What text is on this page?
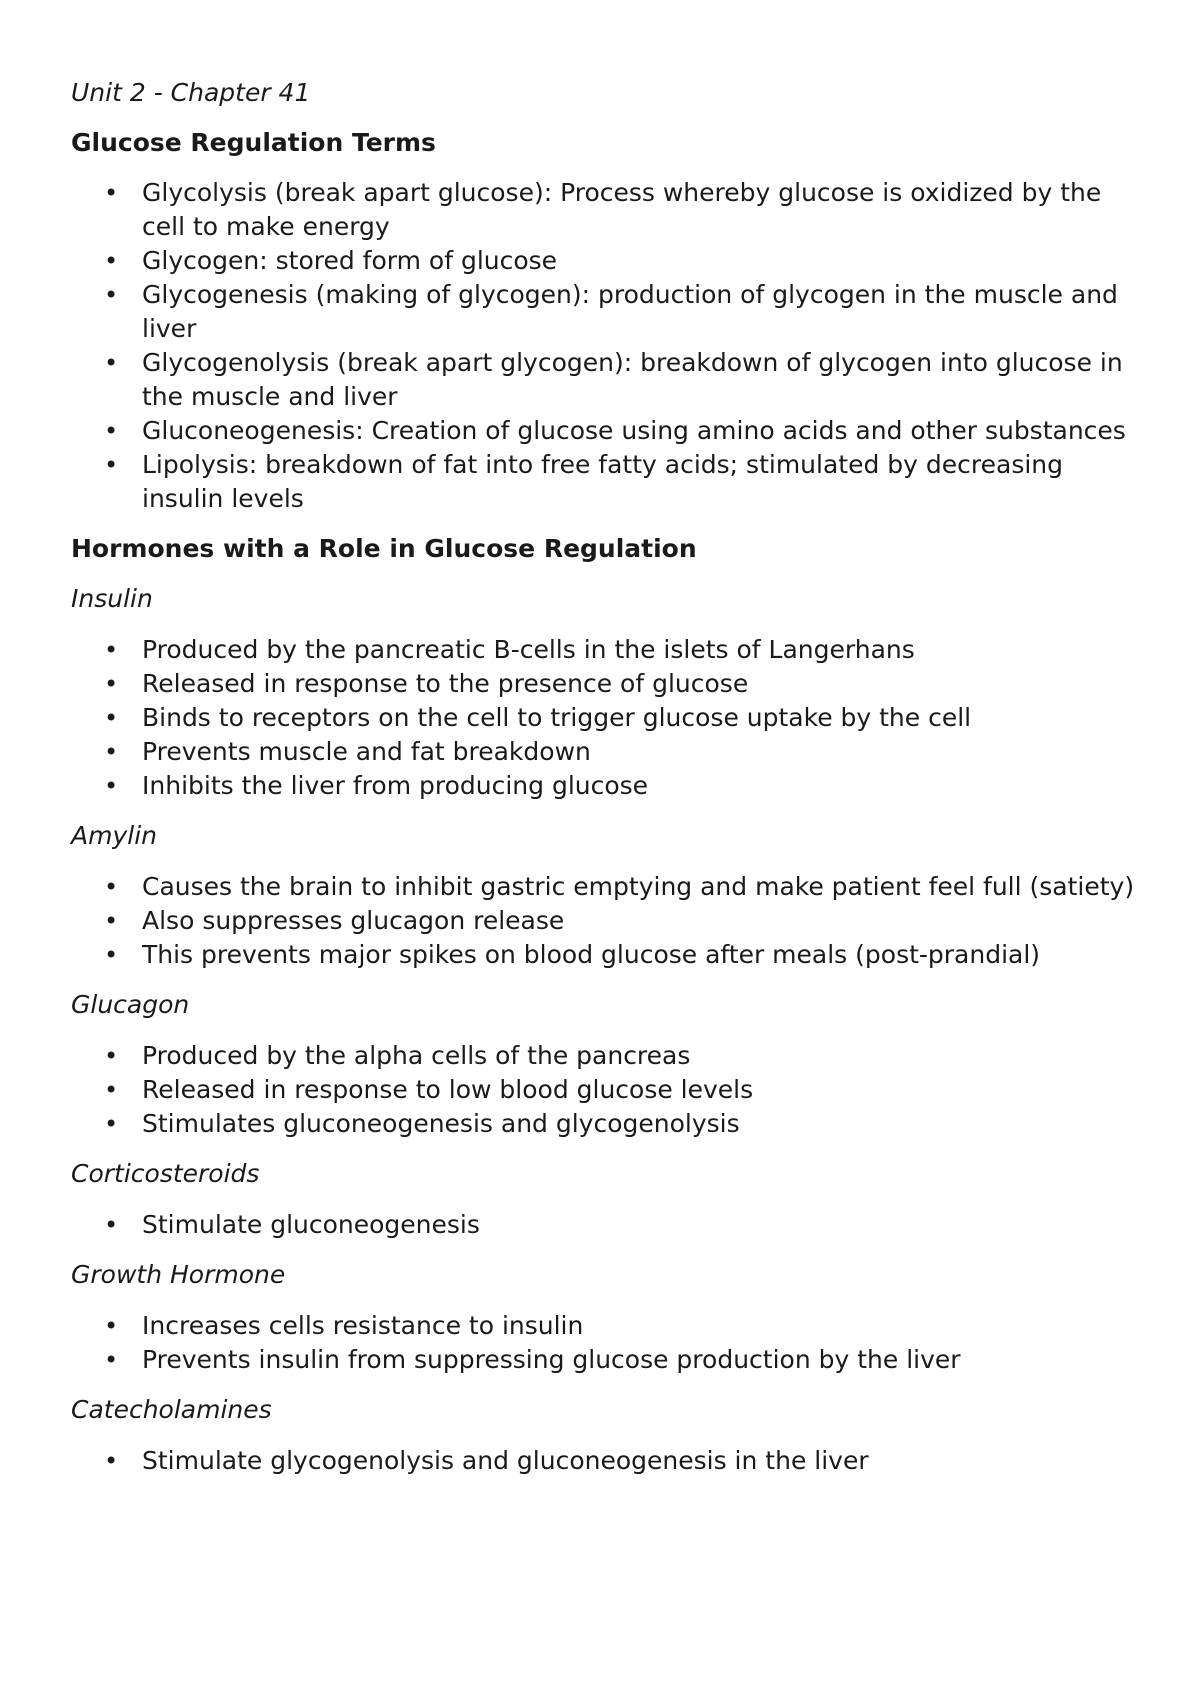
Unit 2 - Chapter 41
Glucose Regulation Terms
• Glycolysis (break apart glucose): Process whereby glucose is oxidized by the cell to make energy
• Glycogen: stored form of glucose
• Glycogenesis (making of glycogen): production of glycogen in the muscle and liver
• Glycogenolysis (break apart glycogen): breakdown of glycogen into glucose in the muscle and liver
• Gluconeogenesis: Creation of glucose using amino acids and other substances
• Lipolysis: breakdown of fat into free fatty acids; stimulated by decreasing insulin levels
Hormones with a Role in Glucose Regulation
Insulin
• Produced by the pancreatic B-cells in the islets of Langerhans
• Released in response to the presence of glucose
• Binds to receptors on the cell to trigger glucose uptake by the cell
• Prevents muscle and fat breakdown
• Inhibits the liver from producing glucose
Amylin
• Causes the brain to inhibit gastric emptying and make patient feel full (satiety)
• Also suppresses glucagon release
• This prevents major spikes on blood glucose after meals (post-prandial)
Glucagon
• Produced by the alpha cells of the pancreas
• Released in response to low blood glucose levels
• Stimulates gluconeogenesis and glycogenolysis
Corticosteroids
• Stimulate gluconeogenesis
Growth Hormone
• Increases cells resistance to insulin
• Prevents insulin from suppressing glucose production by the liver
Catecholamines
• Stimulate glycogenolysis and gluconeogenesis in the liver
